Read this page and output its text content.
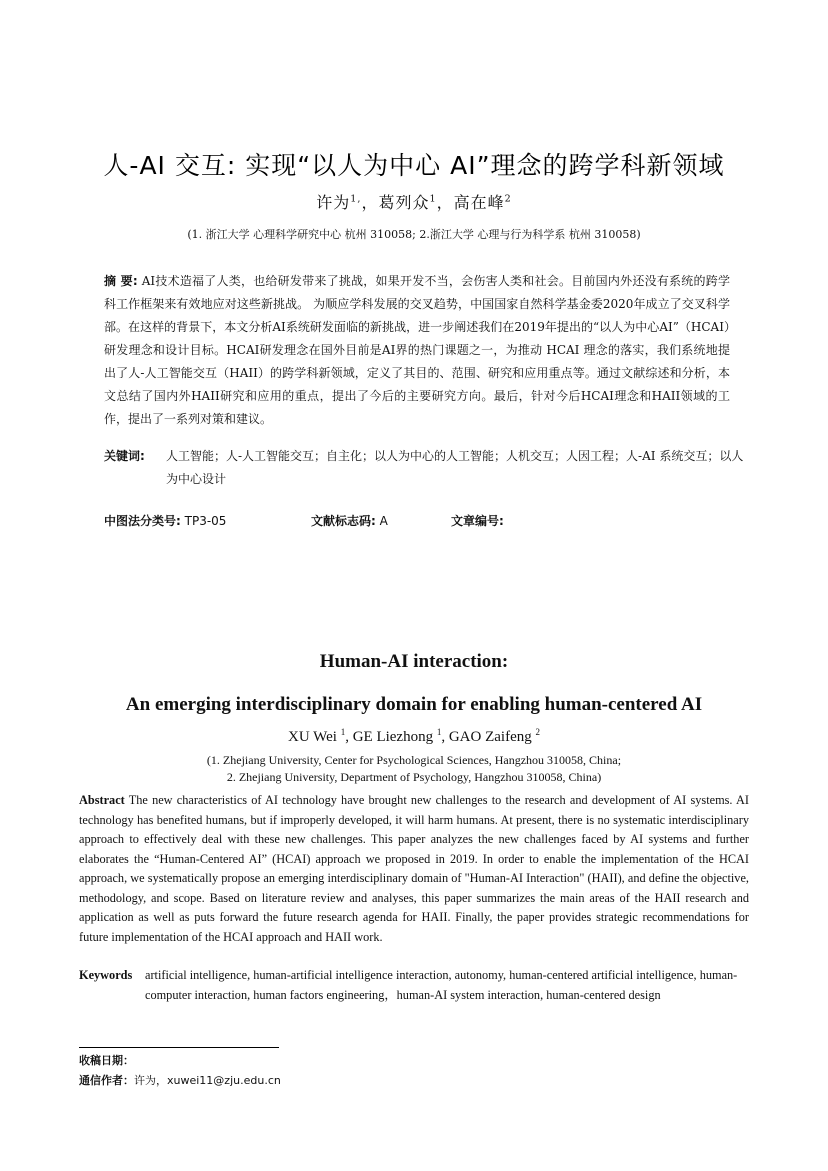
人-AI 交互: 实现“以人为中心 AI”理念的跨学科新领域
许为$^{1,}$，葛列众$^1$，高在峰$^2$
(1. 浙江大学 心理科学研究中心 杭州 310058; 2.浙江大学 心理与行为科学系 杭州 310058)
摘 要: AI技术造福了人类，也给研发带来了挑战，如果开发不当，会伤害人类和社会。目前国内外还没有系统的跨学科工作框架来有效地应对这些新挑战。 为顺应学科发展的交叉趋势，中国国家自然科学基金委2020年成立了交叉科学部。在这样的背景下，本文分析AI系统研发面临的新挑战，进一步阐述我们在2019年提出的“以人为中心AI”（HCAI）研发理念和设计目标。HCAI研发理念在国外目前是AI界的热门课题之一，为推动 HCAI 理念的落实，我们系统地提出了人-人工智能交互（HAII）的跨学科新领域，定义了其目的、范围、研究和应用重点等。通过文献综述和分析，本文总结了国内外HAII研究和应用的重点，提出了今后的主要研究方向。最后，针对今后HCAI理念和HAII领域的工作，提出了一系列对策和建议。
关键词: 人工智能；人-人工智能交互；自主化；以人为中心的人工智能；人机交互；人因工程；人-AI 系统交互；以人为中心设计
中图法分类号: TP3-05	文献标志码: A	文章编号:
Human-AI interaction:
An emerging interdisciplinary domain for enabling human-centered AI
XU Wei $^1$, GE Liezhong $^1$, GAO Zaifeng $^2$
(1. Zhejiang University, Center for Psychological Sciences, Hangzhou 310058, China;
2. Zhejiang University, Department of Psychology, Hangzhou 310058, China)
Abstract The new characteristics of AI technology have brought new challenges to the research and development of AI systems. AI technology has benefited humans, but if improperly developed, it will harm humans. At present, there is no systematic interdisciplinary approach to effectively deal with these new challenges. This paper analyzes the new challenges faced by AI systems and further elaborates the “Human-Centered AI” (HCAI) approach we proposed in 2019. In order to enable the implementation of the HCAI approach, we systematically propose an emerging interdisciplinary domain of "Human-AI Interaction" (HAII), and define the objective, methodology, and scope. Based on literature review and analyses, this paper summarizes the main areas of the HAII research and application as well as puts forward the future research agenda for HAII. Finally, the paper provides strategic recommendations for future implementation of the HCAI approach and HAII work.
Keywords artificial intelligence, human-artificial intelligence interaction, autonomy, human-centered artificial intelligence, human-computer interaction, human factors engineering，human-AI system interaction, human-centered design
收稿日期：
通信作者：许为，xuwei11@zju.edu.cn
